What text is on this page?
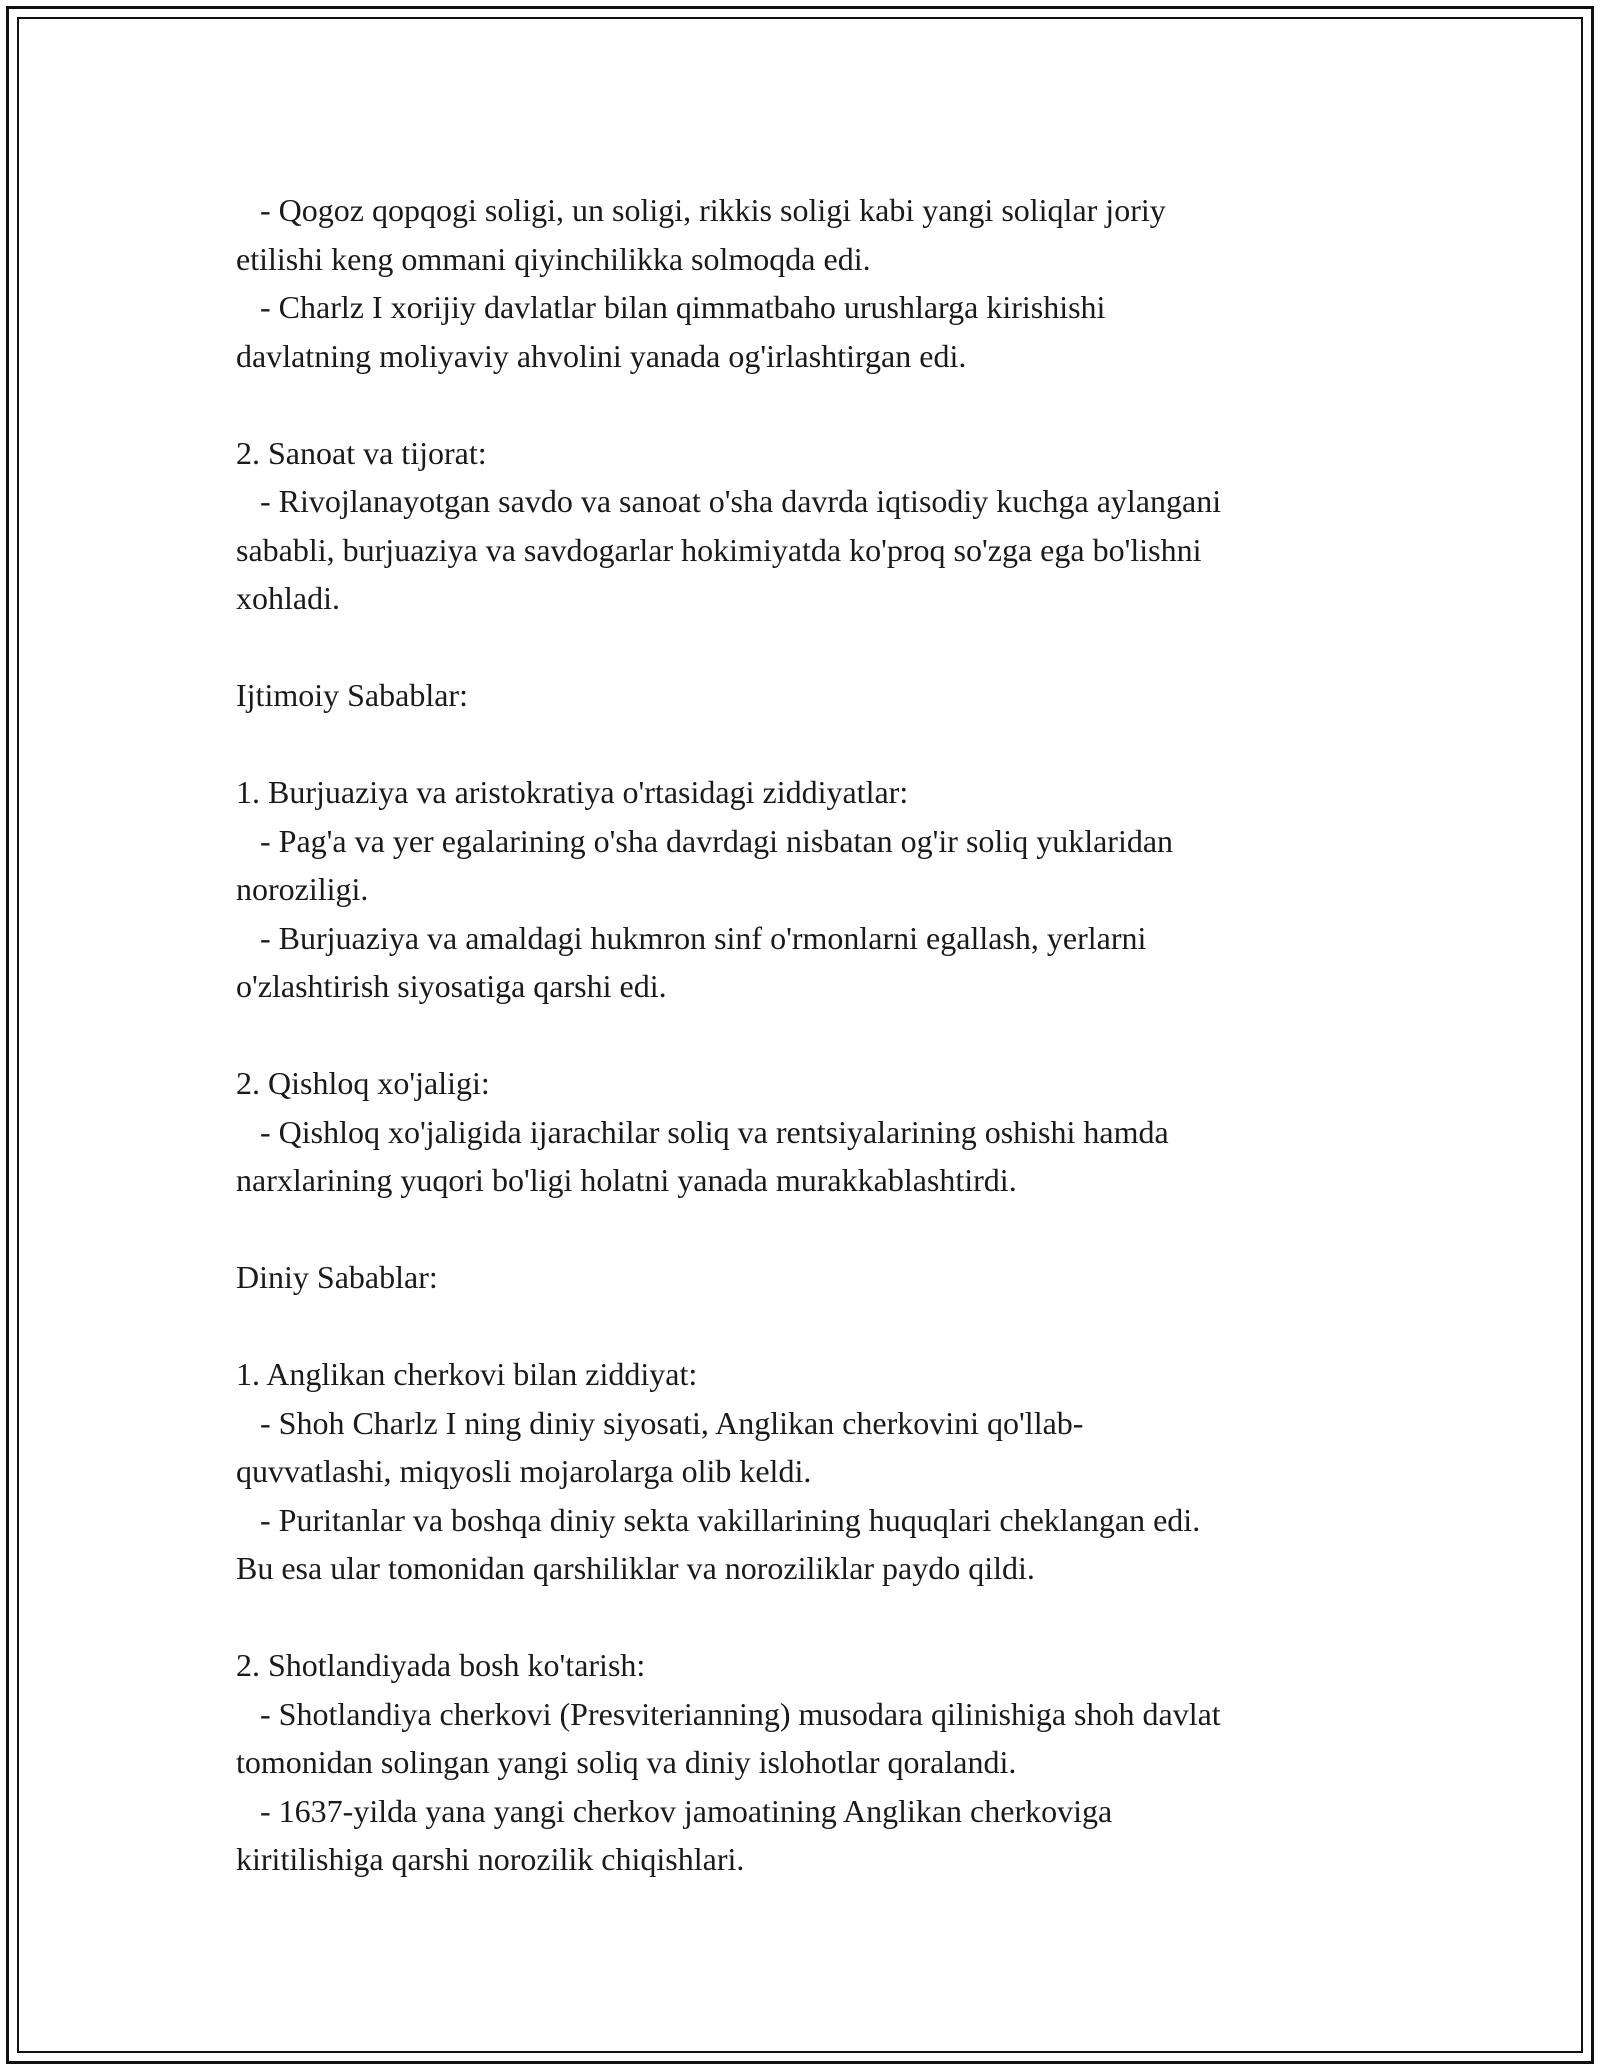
- Qogoz qopqogi soligi, un soligi, rikkis soligi kabi yangi soliqlar joriy
etilishi keng ommani qiyinchilikka solmoqda edi.
- Charlz I xorijiy davlatlar bilan qimmatbaho urushlarga kirishishi
davlatning moliyaviy ahvolini yanada og'irlashtirgan edi.
2. Sanoat va tijorat:
- Rivojlanayotgan savdo va sanoat o'sha davrda iqtisodiy kuchga aylangani
sababli, burjuaziya va savdogarlar hokimiyatda ko'proq so'zga ega bo'lishni
xohladi.
Ijtimoiy Sabablar:
1. Burjuaziya va aristokratiya o'rtasidagi ziddiyatlar:
- Pag'a va yer egalarining o'sha davrdagi nisbatan og'ir soliq yuklaridan
noroziligi.
- Burjuaziya va amaldagi hukmron sinf o'rmonlarni egallash, yerlarni
o'zlashtirish siyosatiga qarshi edi.
2. Qishloq xo'jaligi:
- Qishloq xo'jaligida ijarachilar soliq va rentsiyalarining oshishi hamda
narxlarining yuqori bo'ligi holatni yanada murakkablashtirdi.
Diniy Sabablar:
1. Anglikan cherkovi bilan ziddiyat:
- Shoh Charlz I ning diniy siyosati, Anglikan cherkovini qo'llab-
quvvatlashi, miqyosli mojarolarga olib keldi.
- Puritanlar va boshqa diniy sekta vakillarining huquqlari cheklangan edi.
Bu esa ular tomonidan qarshiliklar va noroziliklar paydo qildi.
2. Shotlandiyada bosh ko'tarish:
- Shotlandiya cherkovi (Presviterianning) musodara qilinishiga shoh davlat
tomonidan solingan yangi soliq va diniy islohotlar qoralandi.
- 1637-yilda yana yangi cherkov jamoatining Anglikan cherkoviga
kiritilishiga qarshi norozilik chiqishlari.
